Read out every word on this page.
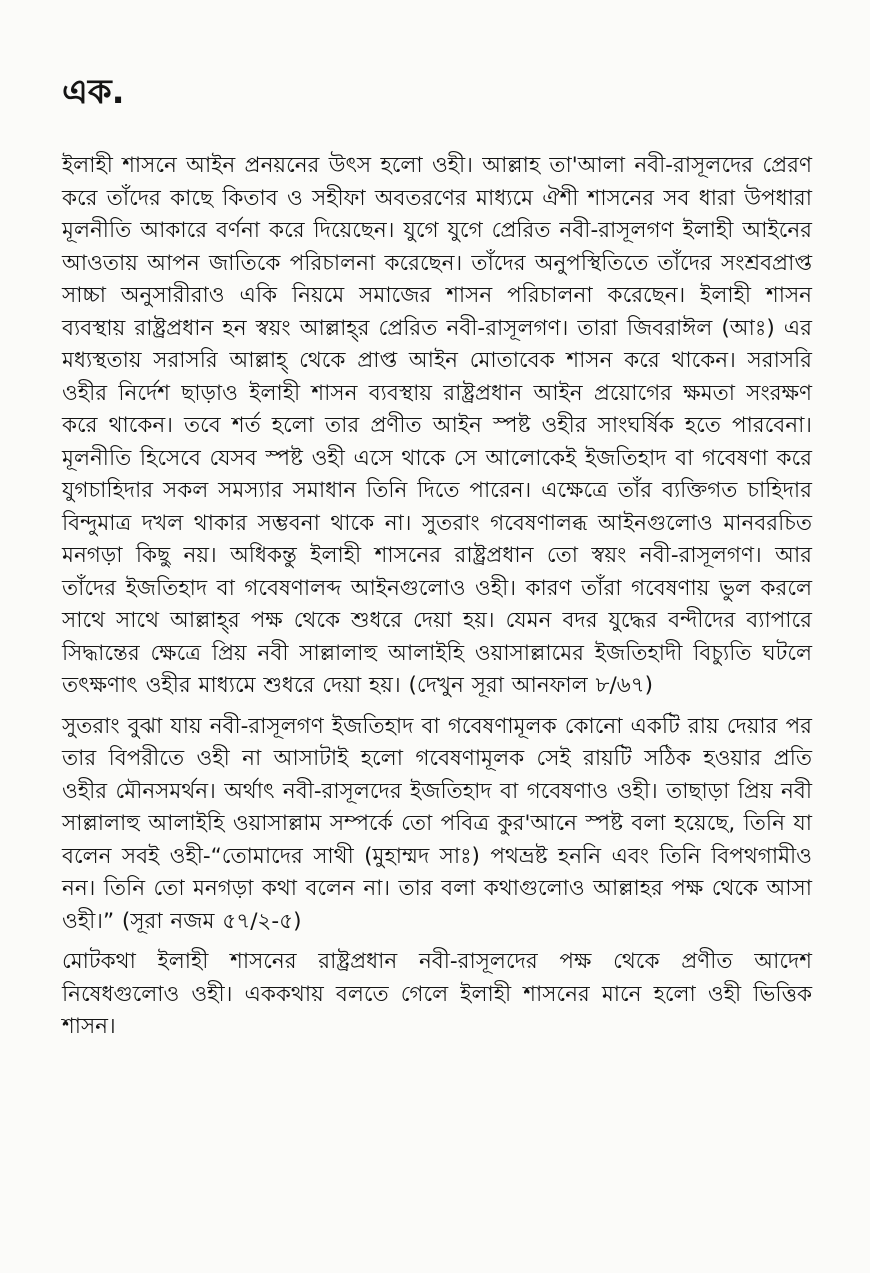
এক.

ইলাহী শাসনে আইন প্রনয়নের উৎস হলো ওহী। আল্লাহ তা'আলা নবী-রাসূলদের প্রেরণ করে তাঁদের কাছে কিতাব ও সহীফা অবতরণের মাধ্যমে ঐশী শাসনের সব ধারা উপধারা মূলনীতি আকারে বর্ণনা করে দিয়েছেন। যুগে যুগে প্রেরিত নবী-রাসূলগণ ইলাহী আইনের আওতায় আপন জাতিকে পরিচালনা করেছেন। তাঁদের অনুপস্থিতিতে তাঁদের সংশ্রবপ্রাপ্ত সাচ্চা অনুসারীরাও একি নিয়মে সমাজের শাসন পরিচালনা করেছেন। ইলাহী শাসন ব্যবস্থায় রাষ্ট্রপ্রধান হন স্বয়ং আল্লাহ্‌র প্রেরিত নবী-রাসূলগণ। তারা জিবরাঈল (আঃ) এর মধ্যস্থতায় সরাসরি আল্লাহ্‌ থেকে প্রাপ্ত আইন মোতাবেক শাসন করে থাকেন। সরাসরি ওহীর নির্দেশ ছাড়াও ইলাহী শাসন ব্যবস্থায় রাষ্ট্রপ্রধান আইন প্রয়োগের ক্ষমতা সংরক্ষণ করে থাকেন। তবে শর্ত হলো তার প্রণীত আইন স্পষ্ট ওহীর সাংঘর্ষিক হতে পারবেনা। মূলনীতি হিসেবে যেসব স্পষ্ট ওহী এসে থাকে সে আলোকেই ইজতিহাদ বা গবেষণা করে যুগচাহিদার সকল সমস্যার সমাধান তিনি দিতে পারেন। এক্ষেত্রে তাঁর ব্যক্তিগত চাহিদার বিন্দুমাত্র দখল থাকার সম্ভবনা থাকে না। সুতরাং গবেষণালব্ধ আইনগুলোও মানবরচিত মনগড়া কিছু নয়। অধিকন্তু ইলাহী শাসনের রাষ্ট্রপ্রধান তো স্বয়ং নবী-রাসূলগণ। আর তাঁদের ইজতিহাদ বা গবেষণালব্দ আইনগুলোও ওহী। কারণ তাঁরা গবেষণায় ভুল করলে সাথে সাথে আল্লাহ্‌র পক্ষ থেকে শুধরে দেয়া হয়। যেমন বদর যুদ্ধের বন্দীদের ব্যাপারে সিদ্ধান্তের ক্ষেত্রে প্রিয় নবী সাল্লালাহু আলাইহি ওয়াসাল্লামের ইজতিহাদী বিচ্যুতি ঘটলে তৎক্ষণাৎ ওহীর মাধ্যমে শুধরে দেয়া হয়। (দেখুন সূরা আনফাল ৮/৬৭)

সুতরাং বুঝা যায় নবী-রাসূলগণ ইজতিহাদ বা গবেষণামূলক কোনো একটি রায় দেয়ার পর তার বিপরীতে ওহী না আসাটাই হলো গবেষণামূলক সেই রায়টি সঠিক হওয়ার প্রতি ওহীর মৌনসমর্থন। অর্থাৎ নবী-রাসূলদের ইজতিহাদ বা গবেষণাও ওহী। তাছাড়া প্রিয় নবী সাল্লালাহু আলাইহি ওয়াসাল্লাম সম্পর্কে তো পবিত্র কুর'আনে স্পষ্ট বলা হয়েছে, তিনি যা বলেন সবই ওহী-“তোমাদের সাথী (মুহাম্মদ সাঃ) পথভ্রষ্ট হননি এবং তিনি বিপথগামীও নন। তিনি তো মনগড়া কথা বলেন না। তার বলা কথাগুলোও আল্লাহর পক্ষ থেকে আসা ওহী।” (সূরা নজম ৫৭/২-৫)

মোটকথা ইলাহী শাসনের রাষ্ট্রপ্রধান নবী-রাসূলদের পক্ষ থেকে প্রণীত আদেশ নিষেধগুলোও ওহী। এককথায় বলতে গেলে ইলাহী শাসনের মানে হলো ওহী ভিত্তিক শাসন।
